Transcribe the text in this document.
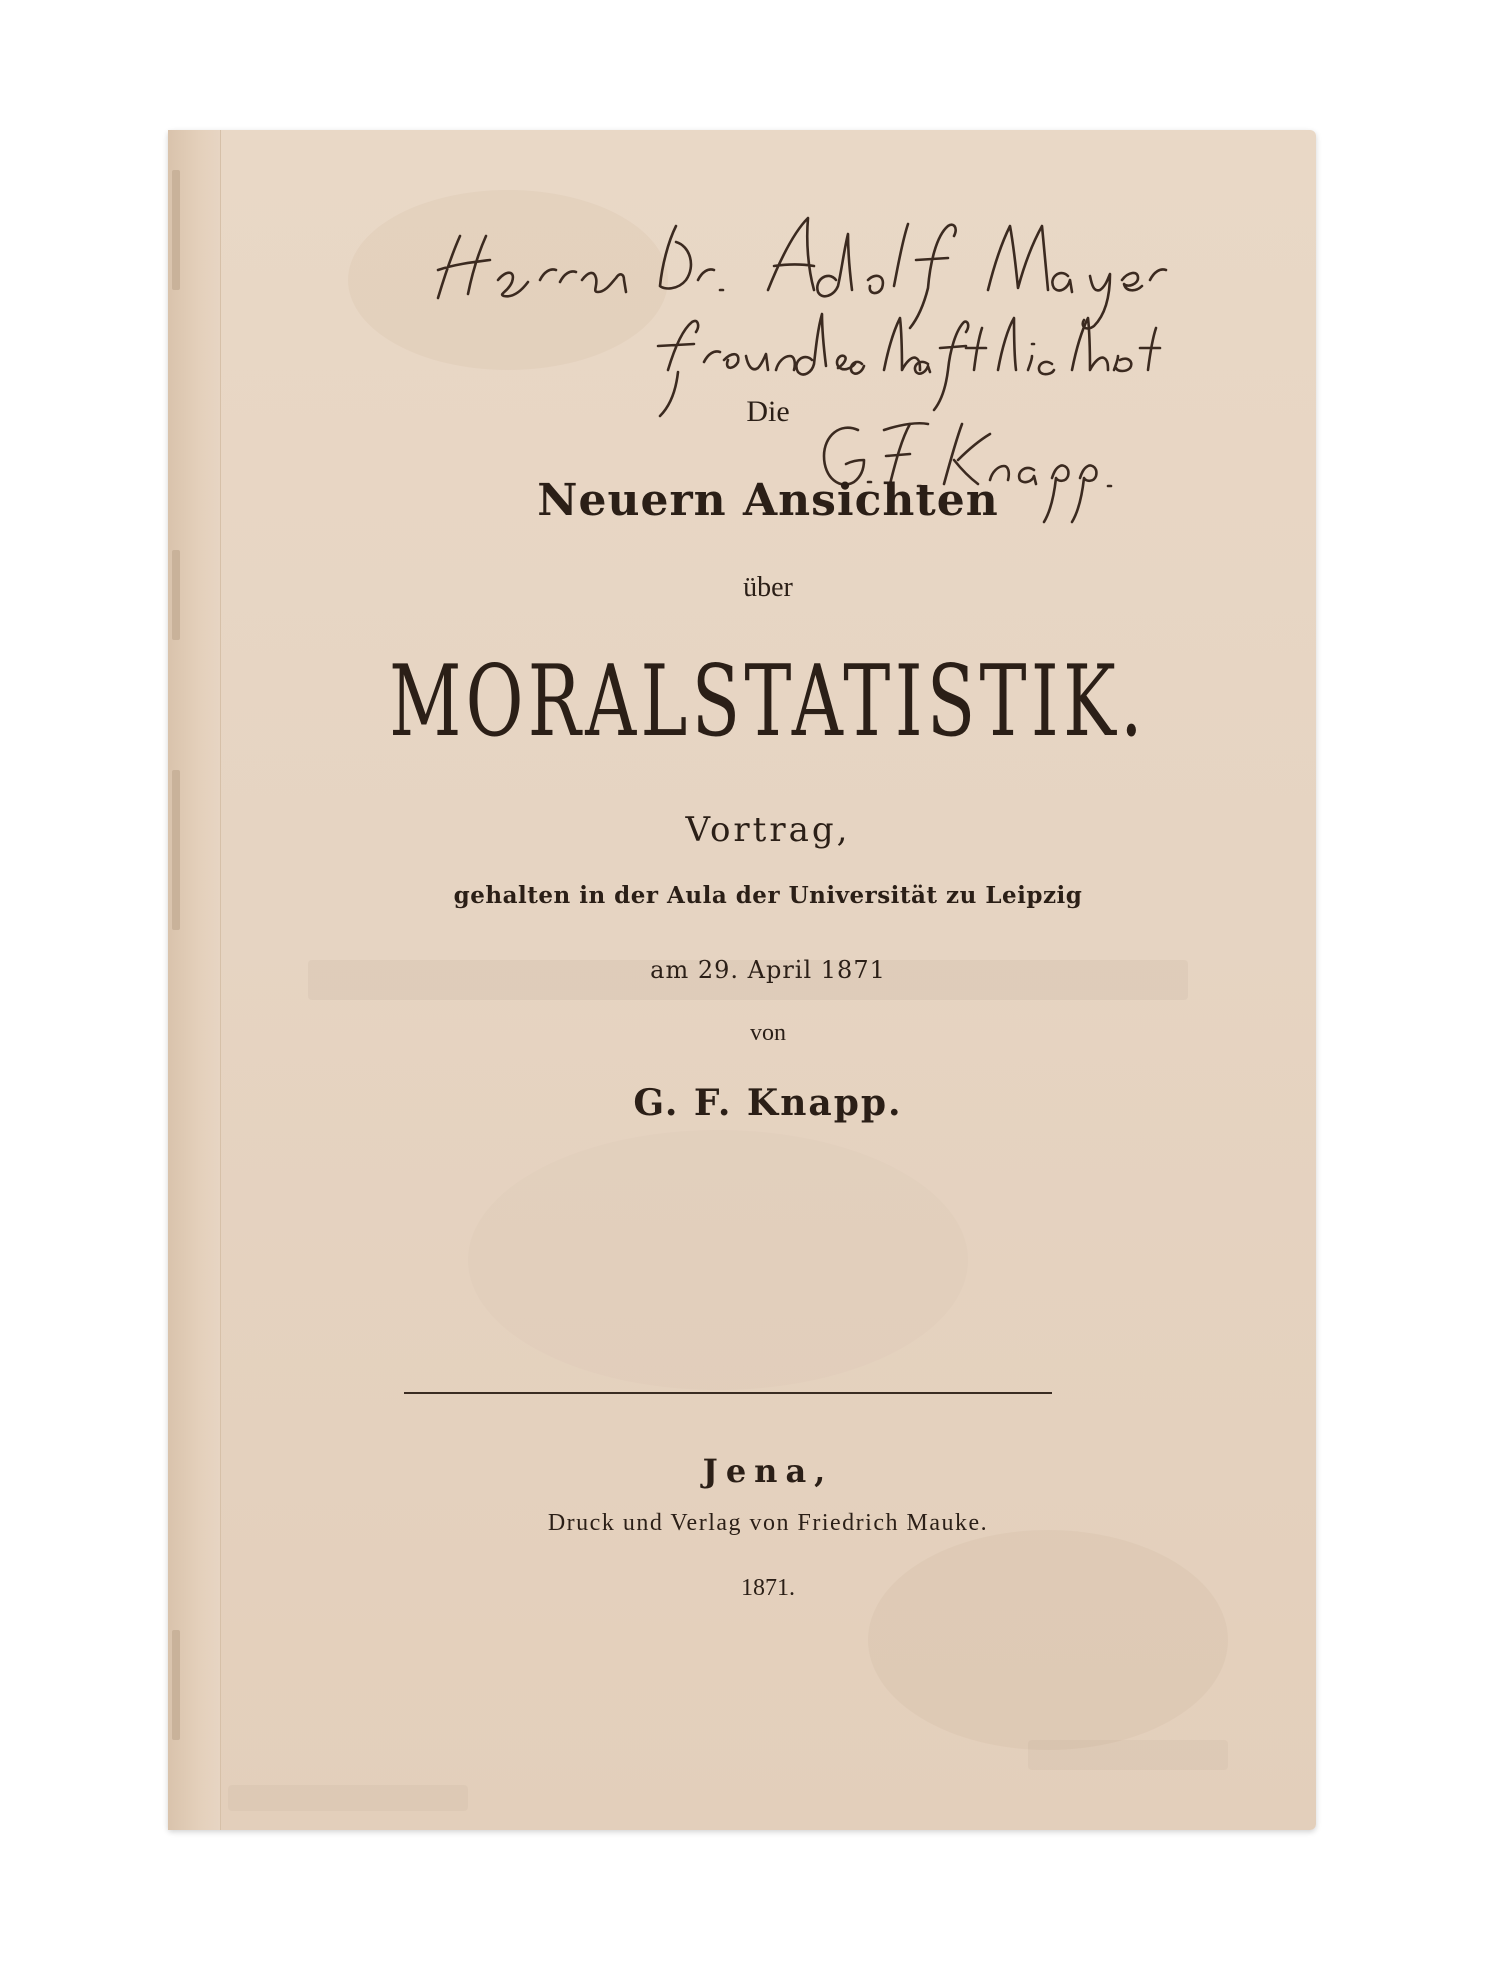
Die
Neuern Ansichten
über
MORALSTATISTIK.
Vortrag,
gehalten in der Aula der Universität zu Leipzig
am 29. April 1871
von
G. F. Knapp.
Jena,
Druck und Verlag von Friedrich Mauke.
1871.
